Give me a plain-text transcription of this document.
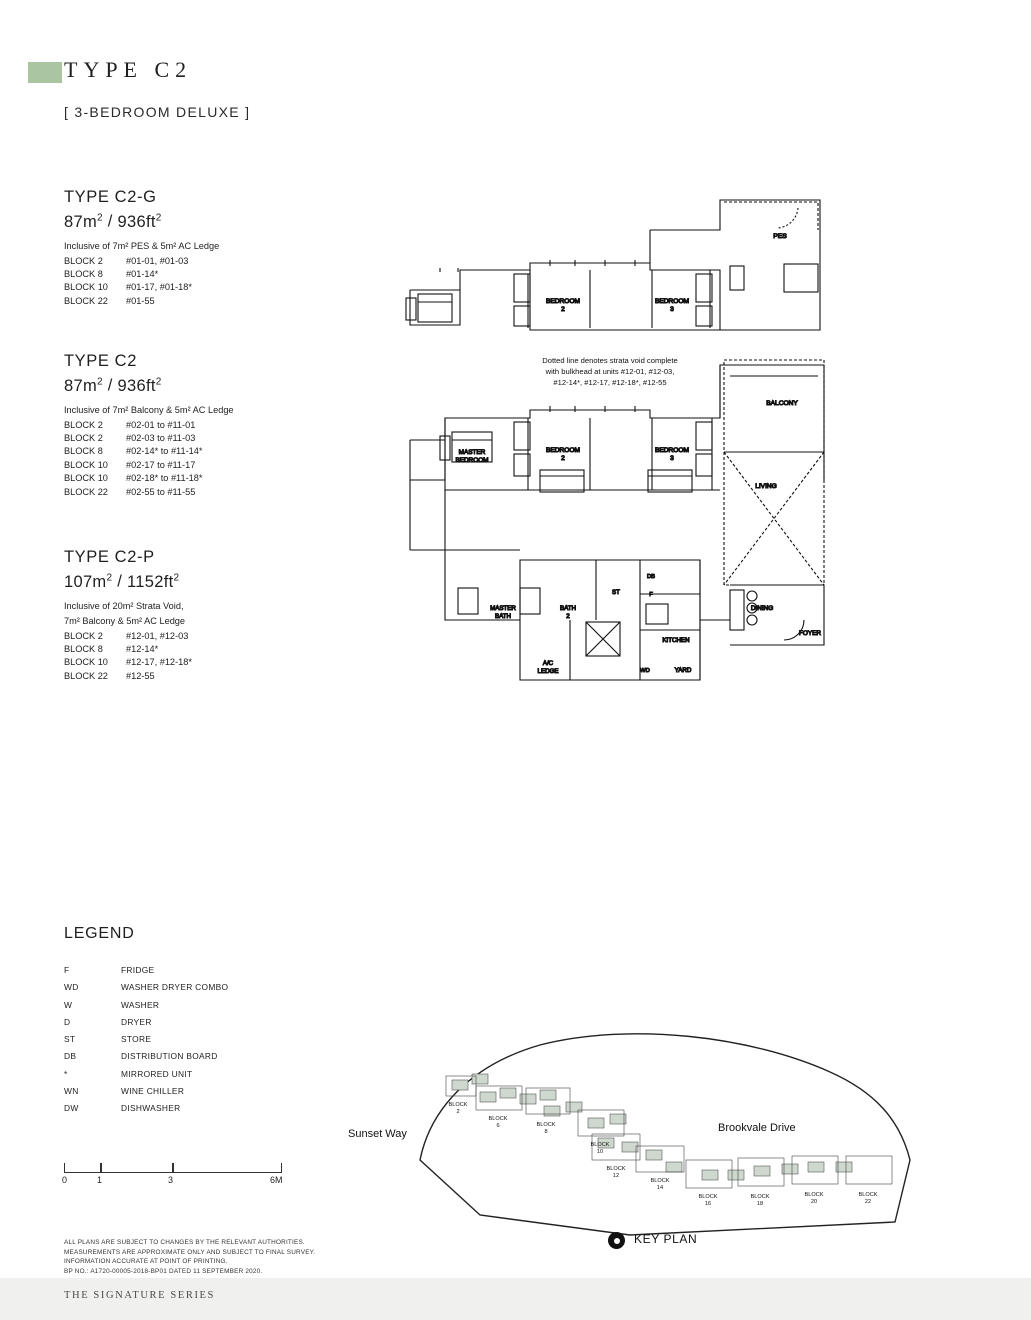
TYPE C2
[ 3-BEDROOM DELUXE ]
TYPE C2-G
$87m^2 / 936ft^2$
Inclusive of 7m² PES & 5m² AC Ledge
BLOCK 2	#01-01, #01-03
BLOCK 8	#01-14*
BLOCK 10	#01-17, #01-18*
BLOCK 22	#01-55
TYPE C2
$87m^2 / 936ft^2$
Inclusive of 7m² Balcony & 5m² AC Ledge
BLOCK 2	#02-01 to #11-01
BLOCK 2	#02-03 to #11-03
BLOCK 8	#02-14* to #11-14*
BLOCK 10	#02-17 to #11-17
BLOCK 10	#02-18* to #11-18*
BLOCK 22	#02-55 to #11-55
TYPE C2-P
$107m^2 / 1152ft^2$
Inclusive of 20m² Strata Void,
7m² Balcony & 5m² AC Ledge
BLOCK 2	#12-01, #12-03
BLOCK 8	#12-14*
BLOCK 10	#12-17, #12-18*
BLOCK 22	#12-55
BEDROOM
2
BEDROOM
3
PES
MASTER
BEDROOM
BEDROOM
2
BEDROOM
3
BALCONY
LIVING
DINING
FOYER
MASTER
BATH
BATH
2
ST
DB
F
KITCHEN
WD	YARD
A/C
LEDGE
Dotted line denotes strata void complete
with bulkhead at units #12-01, #12-03,
#12-14*, #12-17, #12-18*, #12-55
LEGEND
F	FRIDGE
WD	WASHER DRYER COMBO
W	WASHER
D	DRYER
ST	STORE
DB	DISTRIBUTION BOARD
*	MIRRORED UNIT
WN	WINE CHILLER
DW	DISHWASHER
0	1	3	6M
ALL PLANS ARE SUBJECT TO CHANGES BY THE RELEVANT AUTHORITIES.
MEASUREMENTS ARE APPROXIMATE ONLY AND SUBJECT TO FINAL SURVEY.
INFORMATION ACCURATE AT POINT OF PRINTING.
BP NO.: A1720-00005-2018-BP01 DATED 11 SEPTEMBER 2020.
BLOCK
2
BLOCK
6	BLOCK
8
BLOCK
10
BLOCK
12
BLOCK
14
BLOCK
16
BLOCK
18
BLOCK
20
BLOCK
22
Sunset Way	Brookvale Drive
KEY PLAN
THE SIGNATURE SERIES
